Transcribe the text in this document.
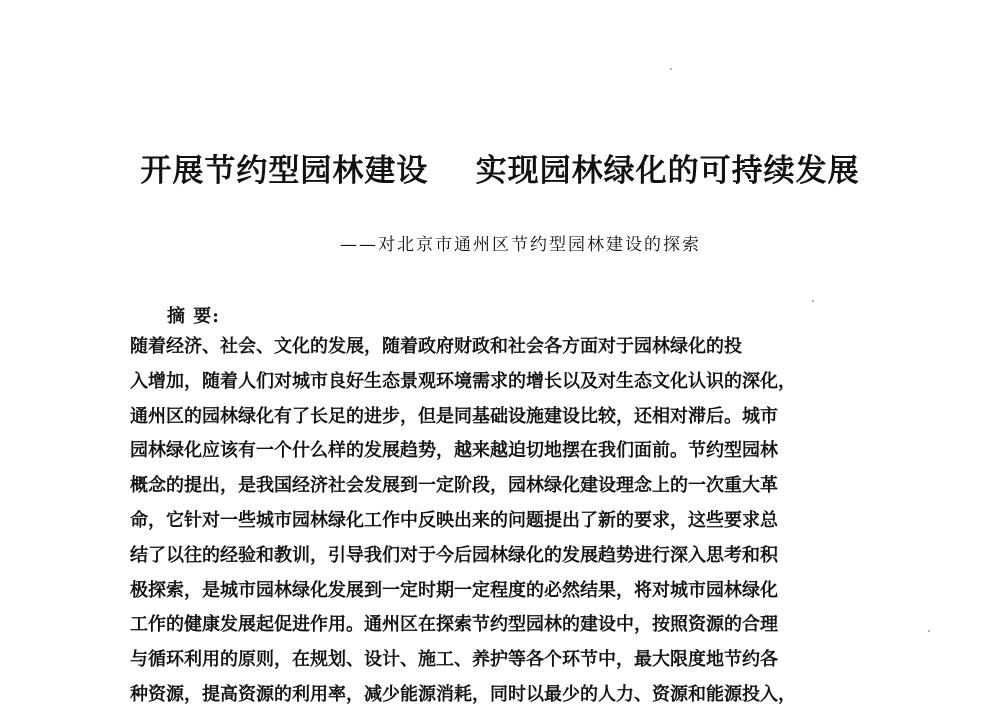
开展节约型园林建设    实现园林绿化的可持续发展
——对北京市通州区节约型园林建设的探索
摘 要:
随着经济、社会、文化的发展，随着政府财政和社会各方面对于园林绿化的投
入增加，随着人们对城市良好生态景观环境需求的增长以及对生态文化认识的深化，
通州区的园林绿化有了长足的进步，但是同基础设施建设比较，还相对滞后。城市
园林绿化应该有一个什么样的发展趋势，越来越迫切地摆在我们面前。节约型园林
概念的提出，是我国经济社会发展到一定阶段，园林绿化建设理念上的一次重大革
命，它针对一些城市园林绿化工作中反映出来的问题提出了新的要求，这些要求总
结了以往的经验和教训，引导我们对于今后园林绿化的发展趋势进行深入思考和积
极探索，是城市园林绿化发展到一定时期一定程度的必然结果，将对城市园林绿化
工作的健康发展起促进作用。通州区在探索节约型园林的建设中，按照资源的合理
与循环利用的原则，在规划、设计、施工、养护等各个环节中，最大限度地节约各
种资源，提高资源的利用率，减少能源消耗，同时以最少的人力、资源和能源投入，
